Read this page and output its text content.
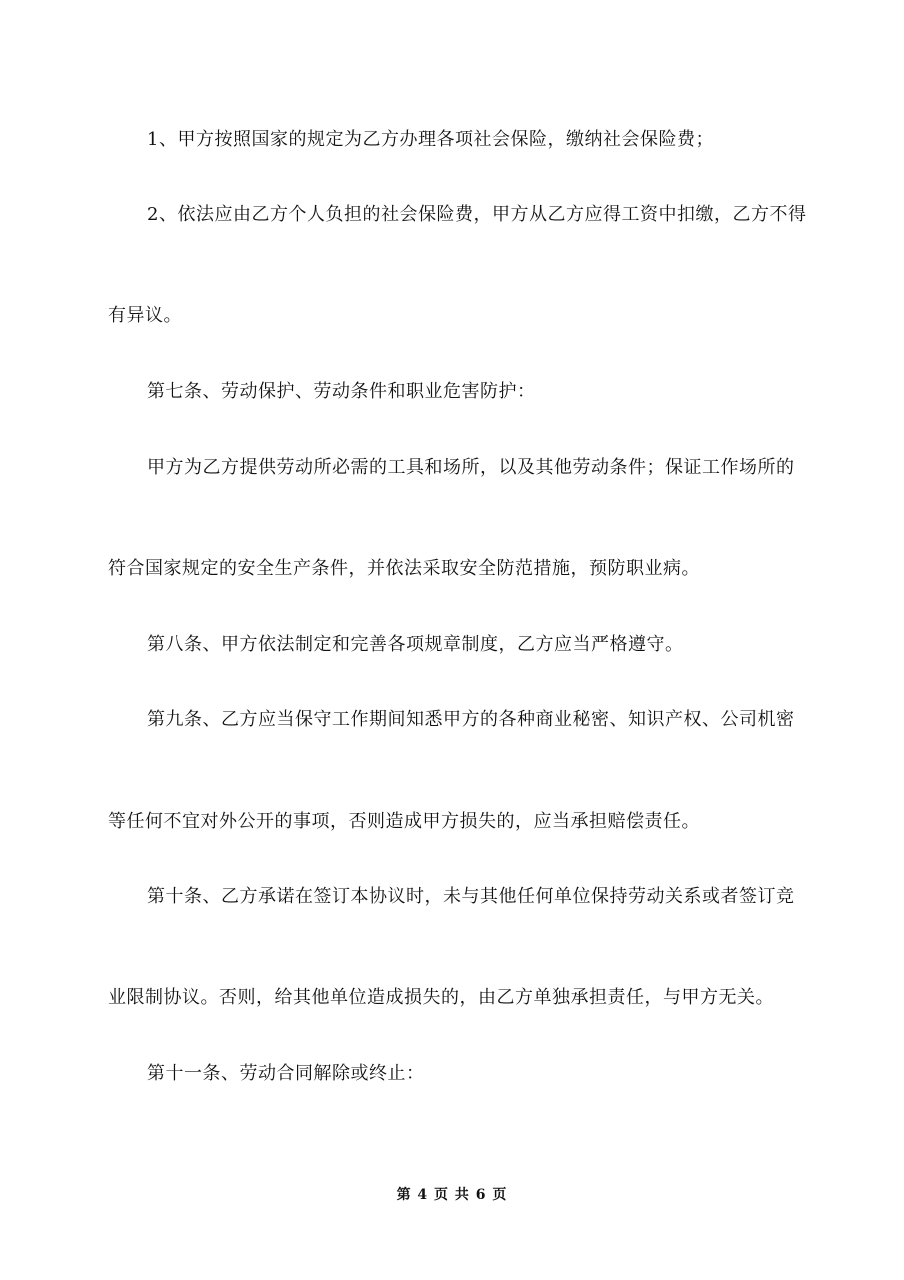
1、甲方按照国家的规定为乙方办理各项社会保险，缴纳社会保险费；
2、依法应由乙方个人负担的社会保险费，甲方从乙方应得工资中扣缴，乙方不得
有异议。
第七条、劳动保护、劳动条件和职业危害防护：
甲方为乙方提供劳动所必需的工具和场所，以及其他劳动条件；保证工作场所的
符合国家规定的安全生产条件，并依法采取安全防范措施，预防职业病。
第八条、甲方依法制定和完善各项规章制度，乙方应当严格遵守。
第九条、乙方应当保守工作期间知悉甲方的各种商业秘密、知识产权、公司机密
等任何不宜对外公开的事项，否则造成甲方损失的，应当承担赔偿责任。
第十条、乙方承诺在签订本协议时，未与其他任何单位保持劳动关系或者签订竞
业限制协议。否则，给其他单位造成损失的，由乙方单独承担责任，与甲方无关。
第十一条、劳动合同解除或终止：
第 4 页 共 6 页
